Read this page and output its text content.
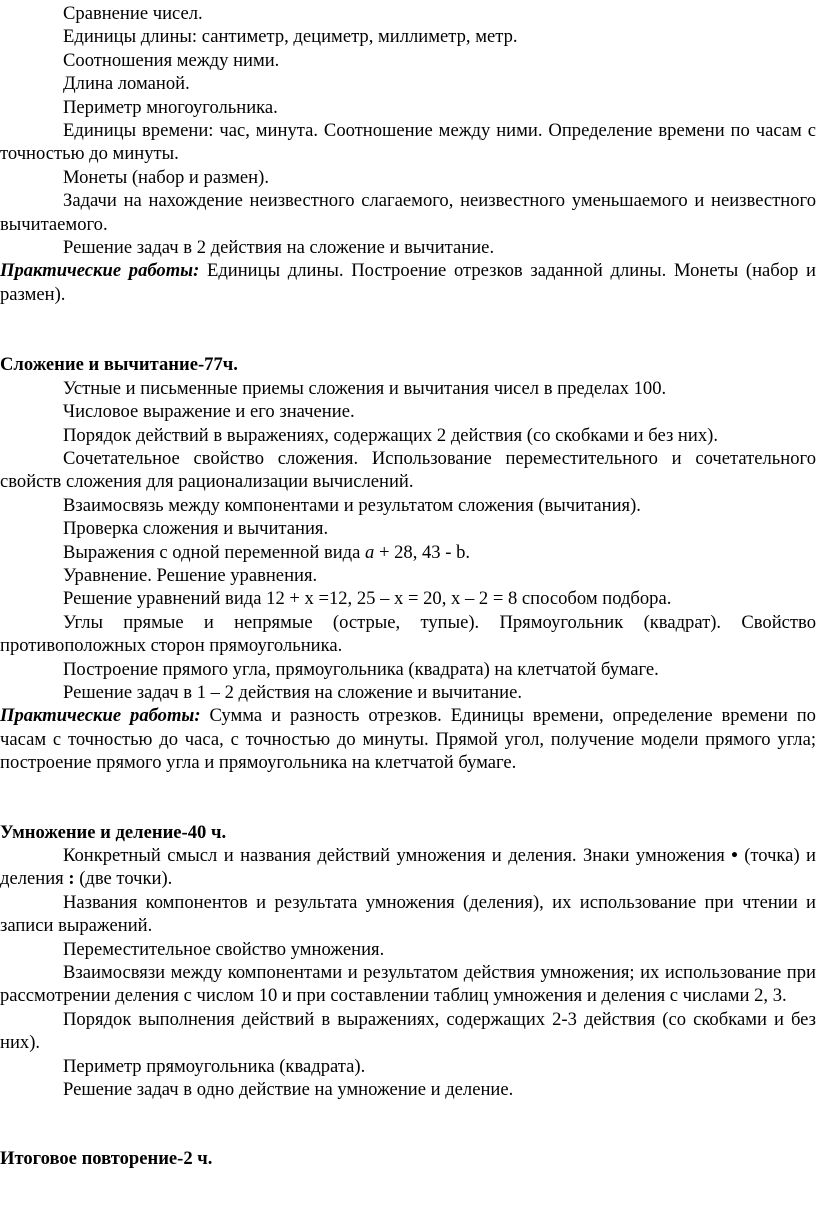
Сравнение чисел.

Единицы длины: сантиметр, дециметр, миллиметр, метр.

Соотношения между ними.

Длина ломаной.

Периметр многоугольника.

Единицы времени: час, минута. Соотношение между ними. Определение времени по часам с точностью до минуты.

Монеты (набор и размен).

Задачи на нахождение неизвестного слагаемого, неизвестного уменьшаемого и неизвестного вычитаемого.

Решение задач в 2 действия на сложение и вычитание.

Практические работы: Единицы длины. Построение отрезков заданной длины. Монеты (набор и размен).

Сложение и вычитание-77ч.

Устные и письменные приемы сложения и вычитания чисел в пределах 100.

Числовое выражение и его значение.

Порядок действий в выражениях, содержащих 2 действия (со скобками и без них).

Сочетательное свойство сложения. Использование переместительного и сочетательного свойств сложения для рационализации вычислений.

Взаимосвязь между компонентами и результатом сложения (вычитания).

Проверка сложения и вычитания.

Выражения с одной переменной вида а + 28, 43 - b.

Уравнение. Решение уравнения.

Решение уравнений вида 12 + х =12, 25 – х = 20, х – 2 = 8 способом подбора.

Углы прямые и непрямые (острые, тупые). Прямоугольник (квадрат). Свойство противоположных сторон прямоугольника.

Построение прямого угла, прямоугольника (квадрата) на клетчатой бумаге.

Решение задач в 1 – 2 действия на сложение и вычитание.

Практические работы: Сумма и разность отрезков. Единицы времени, определение времени по часам с точностью до часа, с точностью до минуты. Прямой угол, получение модели прямого угла; построение прямого угла и прямоугольника на клетчатой бумаге.

Умножение и деление-40 ч.

Конкретный смысл и названия действий умножения и деления. Знаки умножения • (точка) и деления : (две точки).

Названия компонентов и результата умножения (деления), их использование при чтении и записи выражений.

Переместительное свойство умножения.

Взаимосвязи между компонентами и результатом действия умножения; их использование при рассмотрении деления с числом 10 и при составлении таблиц умножения и деления с числами 2, 3.

Порядок выполнения действий в выражениях, содержащих 2-3 действия (со скобками и без них).

Периметр прямоугольника (квадрата).

Решение задач в одно действие на умножение и деление.

Итоговое повторение-2 ч.
